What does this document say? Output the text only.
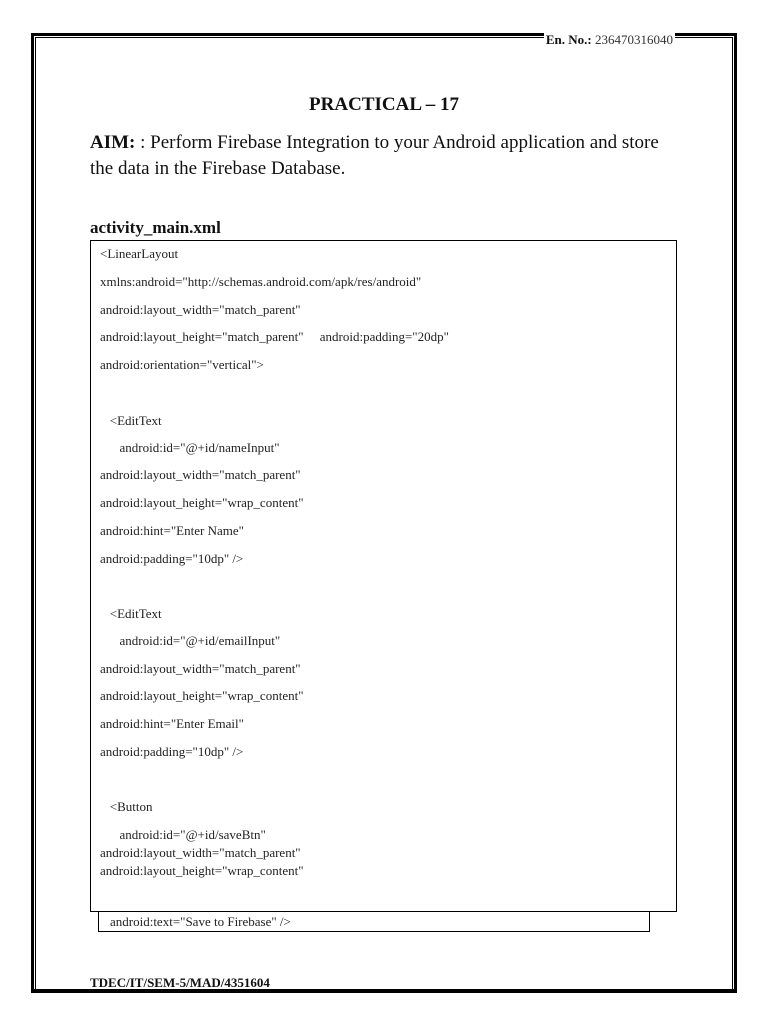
En. No.: 236470316040
PRACTICAL – 17
AIM: : Perform Firebase Integration to your Android application and store the data in the Firebase Database.
activity_main.xml
<LinearLayout
xmlns:android="http://schemas.android.com/apk/res/android"
android:layout_width="match_parent"
android:layout_height="match_parent"     android:padding="20dp"
android:orientation="vertical">
<EditText
android:id="@+id/nameInput"
android:layout_width="match_parent"
android:layout_height="wrap_content"
android:hint="Enter Name"
android:padding="10dp" />
<EditText
android:id="@+id/emailInput"
android:layout_width="match_parent"
android:layout_height="wrap_content"
android:hint="Enter Email"
android:padding="10dp" />
<Button
android:id="@+id/saveBtn"
android:layout_width="match_parent"
android:layout_height="wrap_content"
android:text="Save to Firebase" />
TDEC/IT/SEM-5/MAD/4351604
